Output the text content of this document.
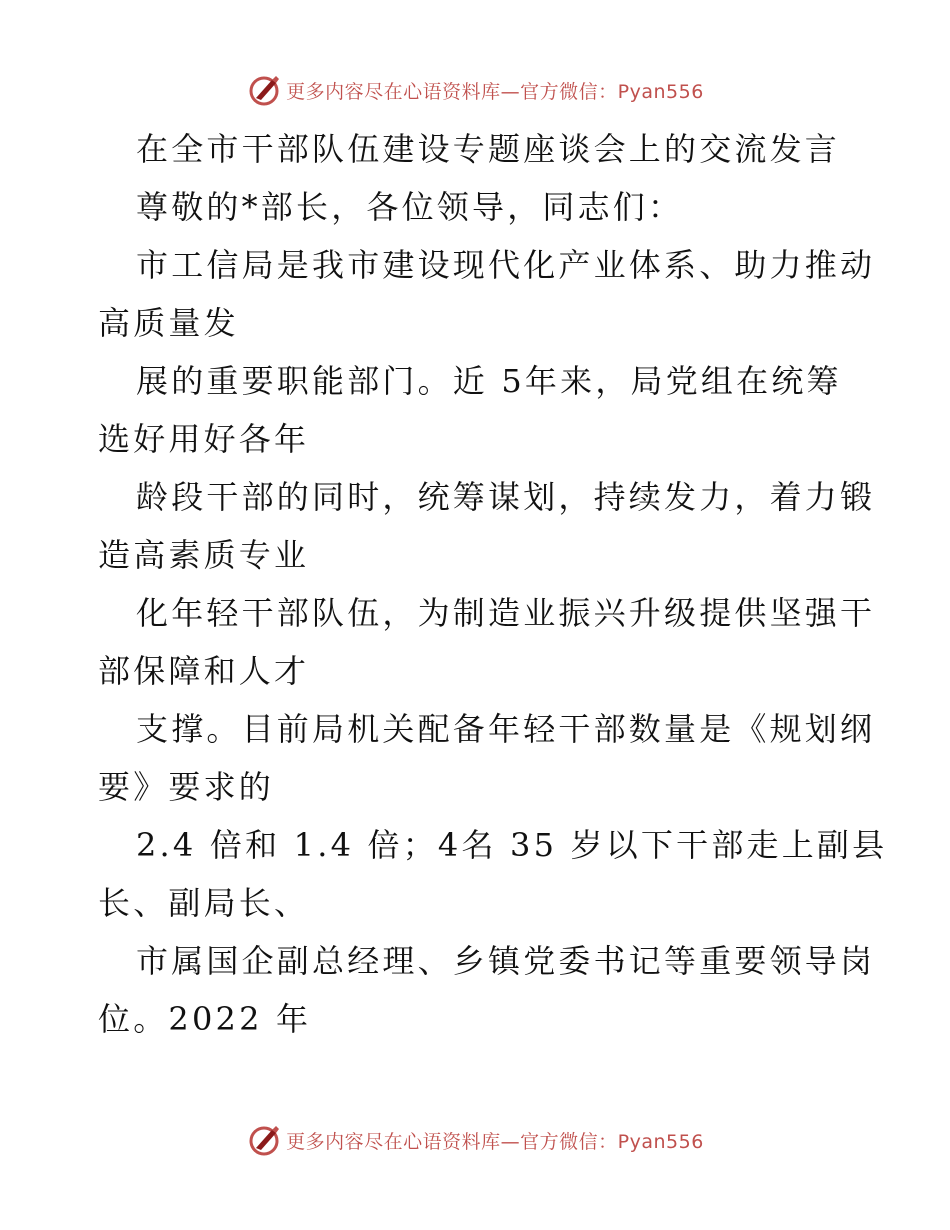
更多内容尽在心语资料库—官方微信：Pyan556
在全市干部队伍建设专题座谈会上的交流发言
尊敬的*部长，各位领导，同志们：
市工信局是我市建设现代化产业体系、助力推动
高质量发
展的重要职能部门。近 5年来，局党组在统筹
选好用好各年
龄段干部的同时，统筹谋划，持续发力，着力锻
造高素质专业
化年轻干部队伍，为制造业振兴升级提供坚强干
部保障和人才
支撑。目前局机关配备年轻干部数量是《规划纲
要》要求的
2.4 倍和 1.4 倍；4名 35 岁以下干部走上副县
长、副局长、
市属国企副总经理、乡镇党委书记等重要领导岗
位。2022 年
更多内容尽在心语资料库—官方微信：Pyan556
